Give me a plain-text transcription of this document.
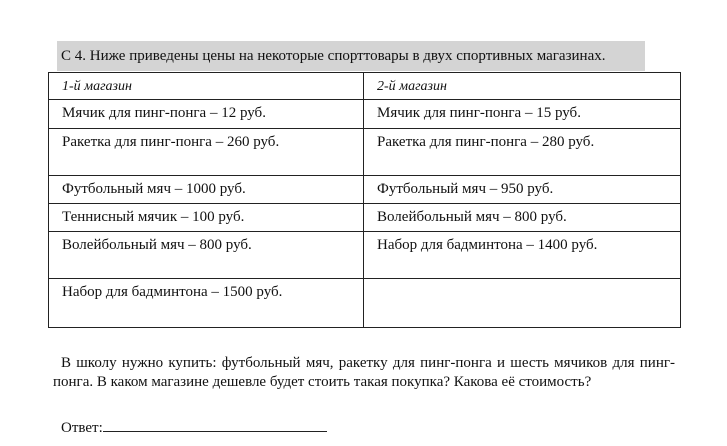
С 4. Ниже приведены цены на некоторые спорттовары в двух спортивных магазинах.
1-й магазин	2-й магазин
Мячик для пинг-понга – 12 руб.	Мячик для пинг-понга – 15 руб.
Ракетка для пинг-понга – 260 руб.	Ракетка для пинг-понга – 280 руб.
Футбольный мяч – 1000 руб.	Футбольный мяч – 950 руб.
Теннисный мячик – 100 руб.	Волейбольный мяч – 800 руб.
Волейбольный мяч – 800 руб.	Набор для бадминтона – 1400 руб.
Набор для бадминтона – 1500 руб.	
В школу нужно купить: футбольный мяч, ракетку для пинг-понга и шесть мячиков для пинг-понга. В каком магазине дешевле будет стоить такая покупка? Какова её стоимость?
Ответ:
